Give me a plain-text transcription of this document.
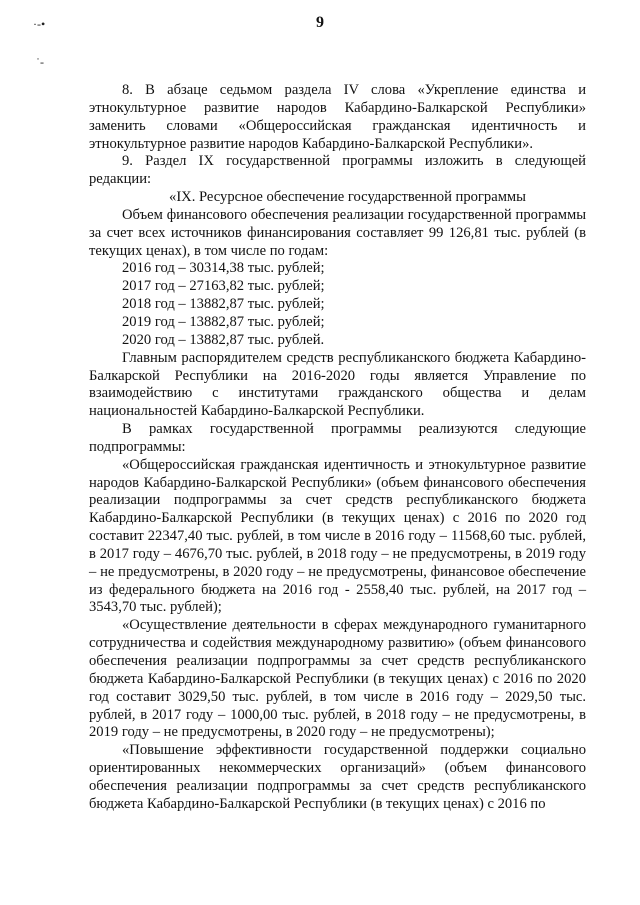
9
·-•
˙-

8. В абзаце седьмом раздела IV слова «Укрепление единства и этнокультурное развитие народов Кабардино-Балкарской Республики» заменить словами «Общероссийская гражданская идентичность и этнокультурное развитие народов Кабардино-Балкарской Республики».

9. Раздел IX государственной программы изложить в следующей редакции:

«IX. Ресурсное обеспечение государственной программы

Объем финансового обеспечения реализации государственной программы за счет всех источников финансирования составляет 99 126,81 тыс. рублей (в текущих ценах), в том числе по годам:

2016 год – 30314,38 тыс. рублей;

2017 год – 27163,82 тыс. рублей;

2018 год – 13882,87 тыс. рублей;

2019 год – 13882,87 тыс. рублей;

2020 год – 13882,87 тыс. рублей.

Главным распорядителем средств республиканского бюджета Кабардино-Балкарской Республики на 2016-2020 годы является Управление по взаимодействию с институтами гражданского общества и делам национальностей Кабардино-Балкарской Республики.

В рамках государственной программы реализуются следующие подпрограммы:

«Общероссийская гражданская идентичность и этнокультурное развитие народов Кабардино-Балкарской Республики» (объем финансового обеспечения реализации подпрограммы за счет средств республиканского бюджета Кабардино-Балкарской Республики (в текущих ценах) с 2016 по 2020 год составит 22347,40 тыс. рублей, в том числе в 2016 году – 11568,60 тыс. рублей, в 2017 году – 4676,70 тыс. рублей, в 2018 году – не предусмотрены, в 2019 году – не предусмотрены, в 2020 году – не предусмотрены, финансовое обеспечение из федерального бюджета на 2016 год - 2558,40 тыс. рублей, на 2017 год – 3543,70 тыс. рублей);

«Осуществление деятельности в сферах международного гуманитарного сотрудничества и содействия международному развитию» (объем финансового обеспечения реализации подпрограммы за счет средств республиканского бюджета Кабардино-Балкарской Республики (в текущих ценах) с 2016 по 2020 год составит 3029,50 тыс. рублей, в том числе в 2016 году – 2029,50 тыс. рублей, в 2017 году – 1000,00 тыс. рублей, в 2018 году – не предусмотрены, в 2019 году – не предусмотрены, в 2020 году – не предусмотрены);

«Повышение эффективности государственной поддержки социально ориентированных некоммерческих организаций» (объем финансового обеспечения реализации подпрограммы за счет средств республиканского бюджета Кабардино-Балкарской Республики (в текущих ценах) с 2016 по
